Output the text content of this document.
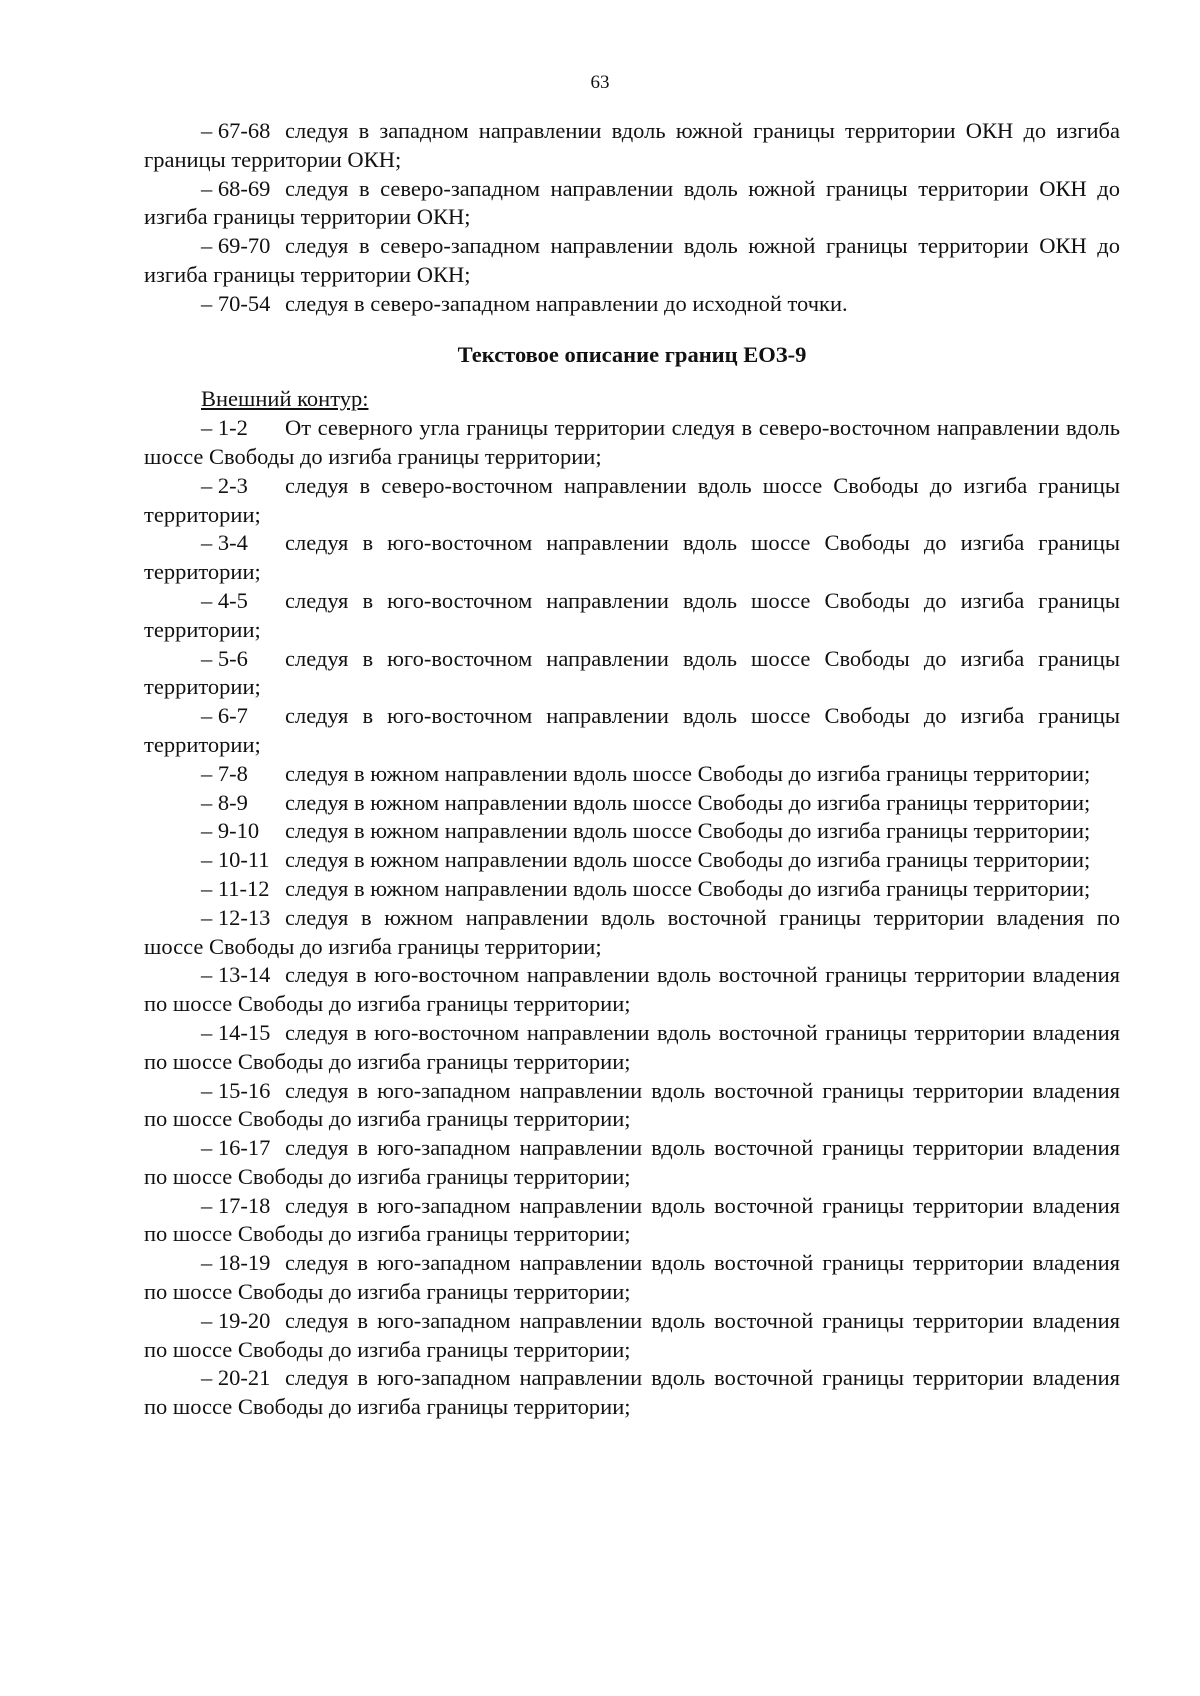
63

– 67-68 следуя в западном направлении вдоль южной границы территории ОКН до изгиба границы территории ОКН;

– 68-69 следуя в северо-западном направлении вдоль южной границы территории ОКН до изгиба границы территории ОКН;

– 69-70 следуя в северо-западном направлении вдоль южной границы территории ОКН до изгиба границы территории ОКН;

– 70-54 следуя в северо-западном направлении до исходной точки.

Текстовое описание границ ЕОЗ-9
Внешний контур:

– 1-2 От северного угла границы территории следуя в северо-восточном направлении вдоль шоссе Свободы до изгиба границы территории;

– 2-3 следуя в северо-восточном направлении вдоль шоссе Свободы до изгиба границы территории;

– 3-4 следуя в юго-восточном направлении вдоль шоссе Свободы до изгиба границы территории;

– 4-5 следуя в юго-восточном направлении вдоль шоссе Свободы до изгиба границы территории;

– 5-6 следуя в юго-восточном направлении вдоль шоссе Свободы до изгиба границы территории;

– 6-7 следуя в юго-восточном направлении вдоль шоссе Свободы до изгиба границы территории;

– 7-8 следуя в южном направлении вдоль шоссе Свободы до изгиба границы территории;

– 8-9 следуя в южном направлении вдоль шоссе Свободы до изгиба границы территории;

– 9-10 следуя в южном направлении вдоль шоссе Свободы до изгиба границы территории;

– 10-11 следуя в южном направлении вдоль шоссе Свободы до изгиба границы территории;

– 11-12 следуя в южном направлении вдоль шоссе Свободы до изгиба границы территории;

– 12-13 следуя в южном направлении вдоль восточной границы территории владения по шоссе Свободы до изгиба границы территории;

– 13-14 следуя в юго-восточном направлении вдоль восточной границы территории владения по шоссе Свободы до изгиба границы территории;

– 14-15 следуя в юго-восточном направлении вдоль восточной границы территории владения по шоссе Свободы до изгиба границы территории;

– 15-16 следуя в юго-западном направлении вдоль восточной границы территории владения по шоссе Свободы до изгиба границы территории;

– 16-17 следуя в юго-западном направлении вдоль восточной границы территории владения по шоссе Свободы до изгиба границы территории;

– 17-18 следуя в юго-западном направлении вдоль восточной границы территории владения по шоссе Свободы до изгиба границы территории;

– 18-19 следуя в юго-западном направлении вдоль восточной границы территории владения по шоссе Свободы до изгиба границы территории;

– 19-20 следуя в юго-западном направлении вдоль восточной границы территории владения по шоссе Свободы до изгиба границы территории;

– 20-21 следуя в юго-западном направлении вдоль восточной границы территории владения по шоссе Свободы до изгиба границы территории;
